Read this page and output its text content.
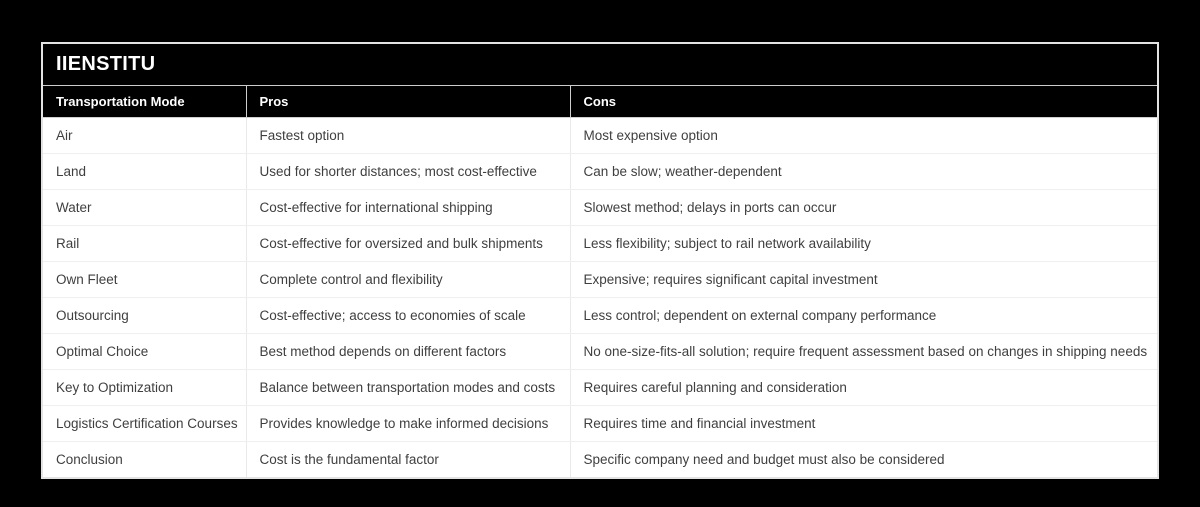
IIENSTITU
Transportation Mode	Pros	Cons
Air	Fastest option	Most expensive option
Land	Used for shorter distances; most cost-effective	Can be slow; weather-dependent
Water	Cost-effective for international shipping	Slowest method; delays in ports can occur
Rail	Cost-effective for oversized and bulk shipments	Less flexibility; subject to rail network availability
Own Fleet	Complete control and flexibility	Expensive; requires significant capital investment
Outsourcing	Cost-effective; access to economies of scale	Less control; dependent on external company performance
Optimal Choice	Best method depends on different factors	No one-size-fits-all solution; require frequent assessment based on changes in shipping needs
Key to Optimization	Balance between transportation modes and costs	Requires careful planning and consideration
Logistics Certification Courses	Provides knowledge to make informed decisions	Requires time and financial investment
Conclusion	Cost is the fundamental factor	Specific company need and budget must also be considered
